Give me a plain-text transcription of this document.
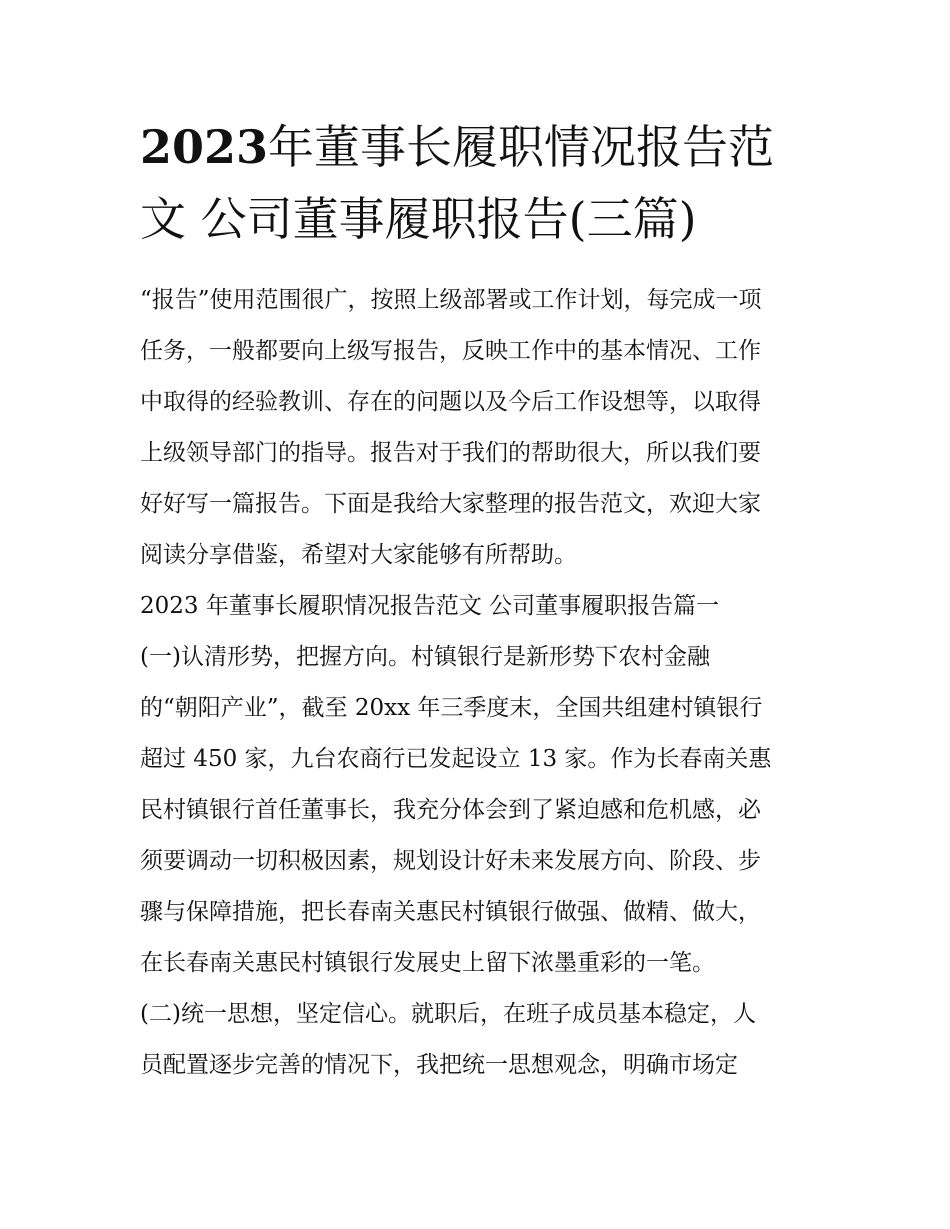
2023年董事长履职情况报告范
文 公司董事履职报告(三篇)

“报告”使用范围很广，按照上级部署或工作计划，每完成一项

任务，一般都要向上级写报告，反映工作中的基本情况、工作

中取得的经验教训、存在的问题以及今后工作设想等，以取得

上级领导部门的指导。报告对于我们的帮助很大，所以我们要

好好写一篇报告。下面是我给大家整理的报告范文，欢迎大家

阅读分享借鉴，希望对大家能够有所帮助。

2023 年董事长履职情况报告范文 公司董事履职报告篇一

(一)认清形势，把握方向。村镇银行是新形势下农村金融

的“朝阳产业”，截至 20xx 年三季度末，全国共组建村镇银行

超过 450 家，九台农商行已发起设立 13 家。作为长春南关惠

民村镇银行首任董事长，我充分体会到了紧迫感和危机感，必

须要调动一切积极因素，规划设计好未来发展方向、阶段、步

骤与保障措施，把长春南关惠民村镇银行做强、做精、做大，

在长春南关惠民村镇银行发展史上留下浓墨重彩的一笔。

(二)统一思想，坚定信心。就职后，在班子成员基本稳定，人

员配置逐步完善的情况下，我把统一思想观念，明确市场定
